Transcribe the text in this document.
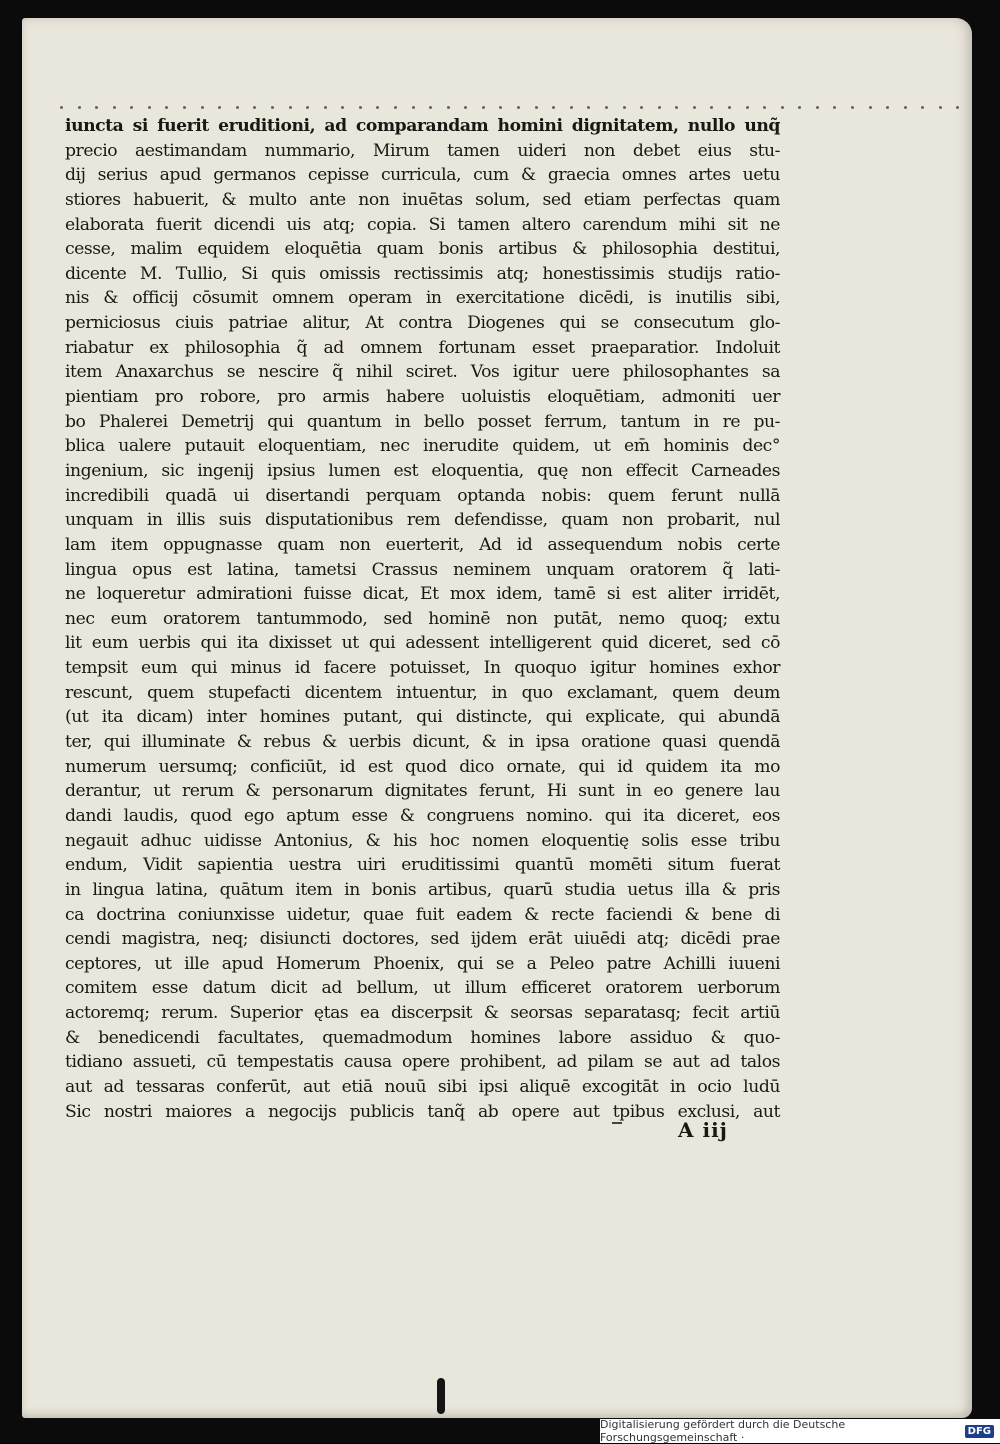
iuncta si fuerit eruditioni, ad comparandam homini dignitatem, nullo unq̃
precio aestimandam nummario, Mirum tamen uideri non debet eius stu-
dij serius apud germanos cepisse curricula, cum & graecia omnes artes uetu
stiores habuerit, & multo ante non inuētas solum, sed etiam perfectas quam
elaborata fuerit dicendi uis atq; copia. Si tamen altero carendum mihi sit ne
cesse, malim equidem eloquētia quam bonis artibus & philosophia destitui,
dicente M. Tullio, Si quis omissis rectissimis atq; honestissimis studijs ratio-
nis & officij cōsumit omnem operam in exercitatione dicēdi, is inutilis sibi,
perniciosus ciuis patriae alitur, At contra Diogenes qui se consecutum glo-
riabatur ex philosophia q̃ ad omnem fortunam esset praeparatior. Indoluit
item Anaxarchus se nescire q̃ nihil sciret. Vos igitur uere philosophantes sa
pientiam pro robore, pro armis habere uoluistis eloquētiam, admoniti uer
bo Phalerei Demetrij qui quantum in bello posset ferrum, tantum in re pu-
blica ualere putauit eloquentiam, nec inerudite quidem, ut em̄ hominis dec°
ingenium, sic ingenij ipsius lumen est eloquentia, quę non effecit Carneades
incredibili quadā ui disertandi perquam optanda nobis: quem ferunt nullā
unquam in illis suis disputationibus rem defendisse, quam non probarit, nul
lam item oppugnasse quam non euerterit, Ad id assequendum nobis certe
lingua opus est latina, tametsi Crassus neminem unquam oratorem q̃ lati-
ne loqueretur admirationi fuisse dicat, Et mox idem, tamē si est aliter irridēt,
nec eum oratorem tantummodo, sed hominē non putāt, nemo quoq; extu
lit eum uerbis qui ita dixisset ut qui adessent intelligerent quid diceret, sed cō
tempsit eum qui minus id facere potuisset, In quoquo igitur homines exhor
rescunt, quem stupefacti dicentem intuentur, in quo exclamant, quem deum
(ut ita dicam) inter homines putant, qui distincte, qui explicate, qui abundā
ter, qui illuminate & rebus & uerbis dicunt, & in ipsa oratione quasi quendā
numerum uersumq; conficiūt, id est quod dico ornate, qui id quidem ita mo
derantur, ut rerum & personarum dignitates ferunt, Hi sunt in eo genere lau
dandi laudis, quod ego aptum esse & congruens nomino. qui ita diceret, eos
negauit adhuc uidisse Antonius, & his hoc nomen eloquentię solis esse tribu
endum, Vidit sapientia uestra uiri eruditissimi quantū momēti situm fuerat
in lingua latina, quātum item in bonis artibus, quarū studia uetus illa & pris
ca doctrina coniunxisse uidetur, quae fuit eadem & recte faciendi & bene di
cendi magistra, neq; disiuncti doctores, sed ijdem erāt uiuēdi atq; dicēdi prae
ceptores, ut ille apud Homerum Phoenix, qui se a Peleo patre Achilli iuueni
comitem esse datum dicit ad bellum, ut illum efficeret oratorem uerborum
actoremq; rerum. Superior ętas ea discerpsit & seorsas separatasq; fecit artiū
& benedicendi facultates, quemadmodum homines labore assiduo & quo-
tidiano assueti, cū tempestatis causa opere prohibent, ad pilam se aut ad talos
aut ad tessaras conferūt, aut etiā nouū sibi ipsi aliquē excogitāt in ocio ludū
Sic nostri maiores a negocijs publicis tanq̃ ab opere aut tpibus exclusi, aut
A iij
Digitalisierung gefördert durch die Deutsche Forschungsgemeinschaft ·	DFG
